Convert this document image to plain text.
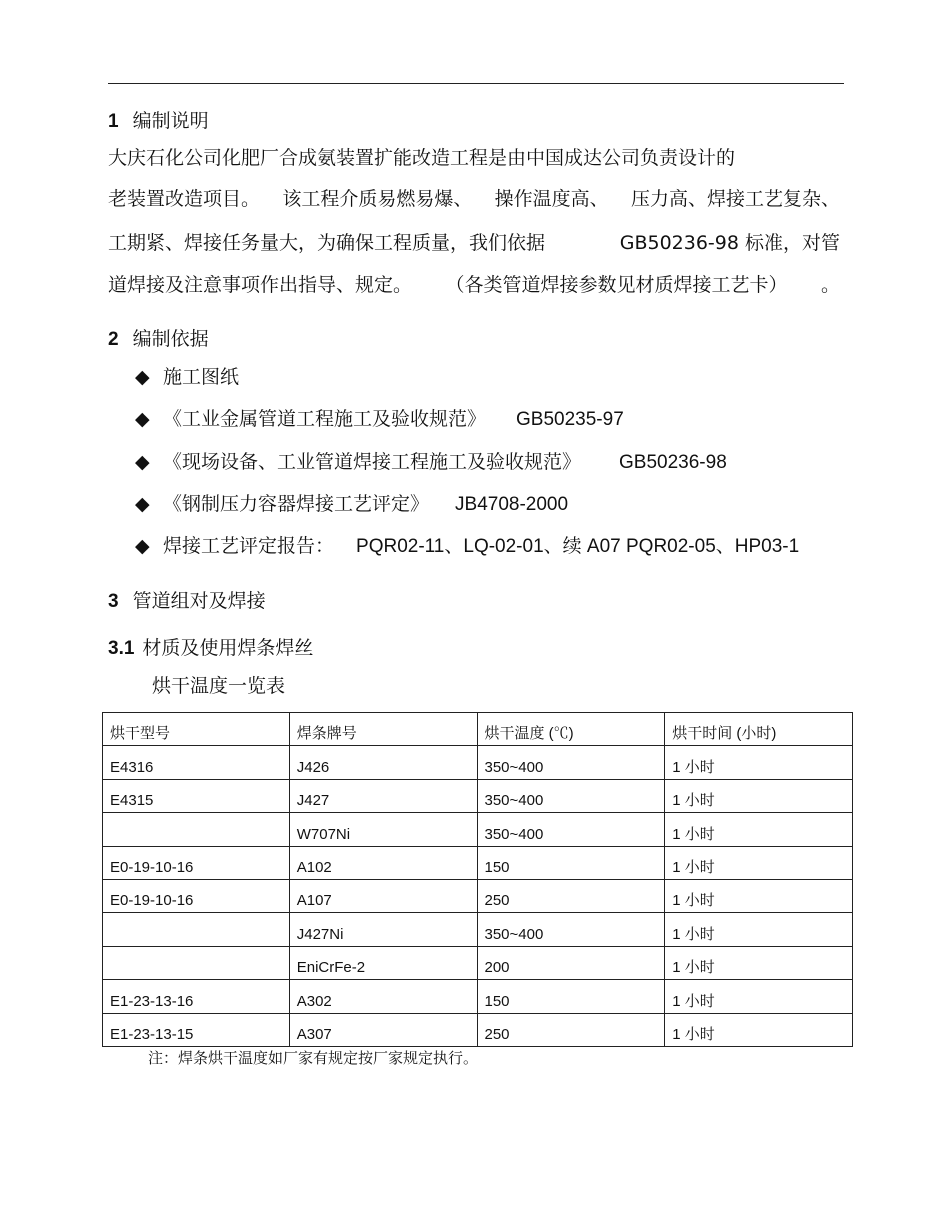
1 编制说明
大庆石化公司化肥厂合成氨装置扩能改造工程是由中国成达公司负责设计的
老装置改造项目。 该工程介质易燃易爆、 操作温度高、 压力高、焊接工艺复杂、
工期紧、焊接任务量大，为确保工程质量，我们依据	GB50236-98 标准，对管
道焊接及注意事项作出指导、规定。 （各类管道焊接参数见材质焊接工艺卡） 。
2 编制依据
◆ 施工图纸
◆ 《工业金属管道工程施工及验收规范》 GB50235-97
◆ 《现场设备、工业管道焊接工程施工及验收规范》 GB50236-98
◆ 《钢制压力容器焊接工艺评定》 JB4708-2000
◆ 焊接工艺评定报告： PQR02-11、LQ-02-01、续 A07 PQR02-05、HP03-1
3 管道组对及焊接
3.1 材质及使用焊条焊丝
烘干温度一览表
烘干型号	焊条牌号	烘干温度 (℃)	烘干时间 (小时)
E4316	J426	350~400	1 小时
E4315	J427	350~400	1 小时
	W707Ni	350~400	1 小时
E0-19-10-16	A102	150	1 小时
E0-19-10-16	A107	250	1 小时
	J427Ni	350~400	1 小时
	EniCrFe-2	200	1 小时
E1-23-13-16	A302	150	1 小时
E1-23-13-15	A307	250	1 小时
注：焊条烘干温度如厂家有规定按厂家规定执行。
